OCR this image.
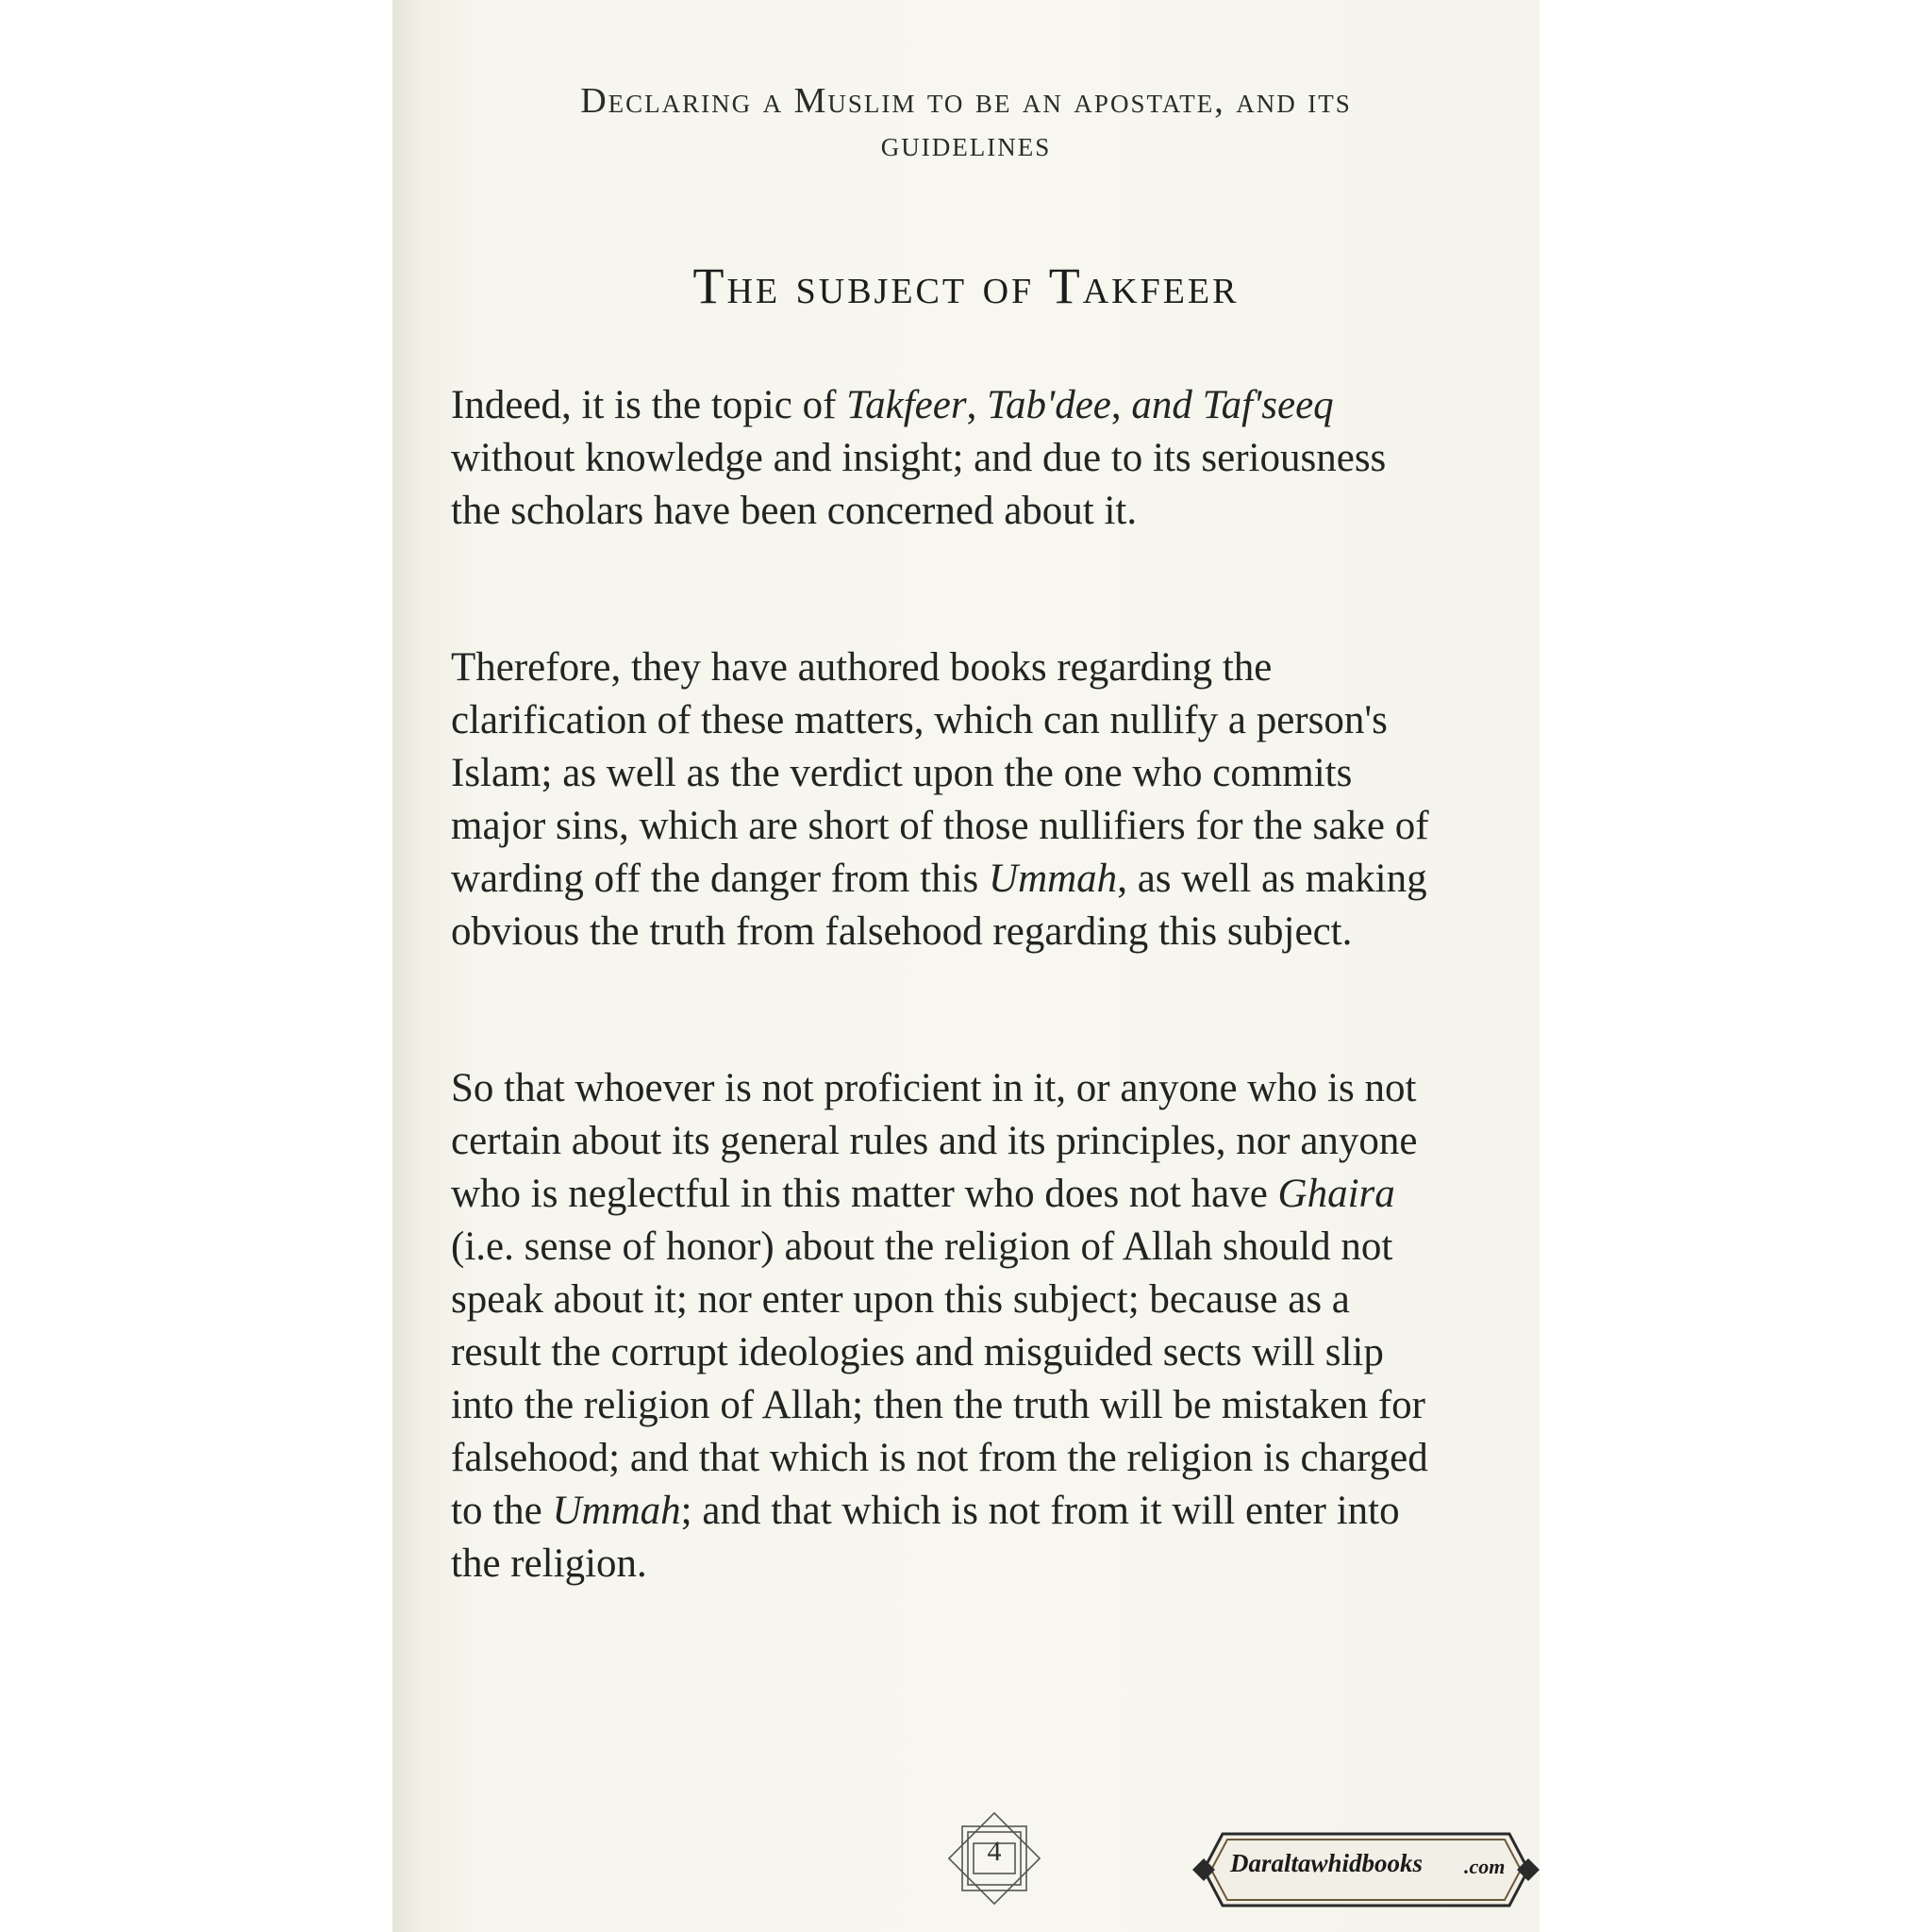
Declaring a Muslim to be an apostate, and its
guidelines
The subject of Takfeer

Indeed, it is the topic of Takfeer, Tab'dee, and Taf'seeq without knowledge and insight; and due to its seriousness the scholars have been concerned about it.

Therefore, they have authored books regarding the clarification of these matters, which can nullify a person's Islam; as well as the verdict upon the one who commits major sins, which are short of those nullifiers for the sake of warding off the danger from this Ummah, as well as making obvious the truth from falsehood regarding this subject.

So that whoever is not proficient in it, or anyone who is not certain about its general rules and its principles, nor anyone who is neglectful in this matter who does not have Ghaira (i.e. sense of honor) about the religion of Allah should not speak about it; nor enter upon this subject; because as a result the corrupt ideologies and misguided sects will slip into the religion of Allah; then the truth will be mistaken for falsehood; and that which is not from the religion is charged to the Ummah; and that which is not from it will enter into the religion.

4	Daraltawhidbooks	.com
